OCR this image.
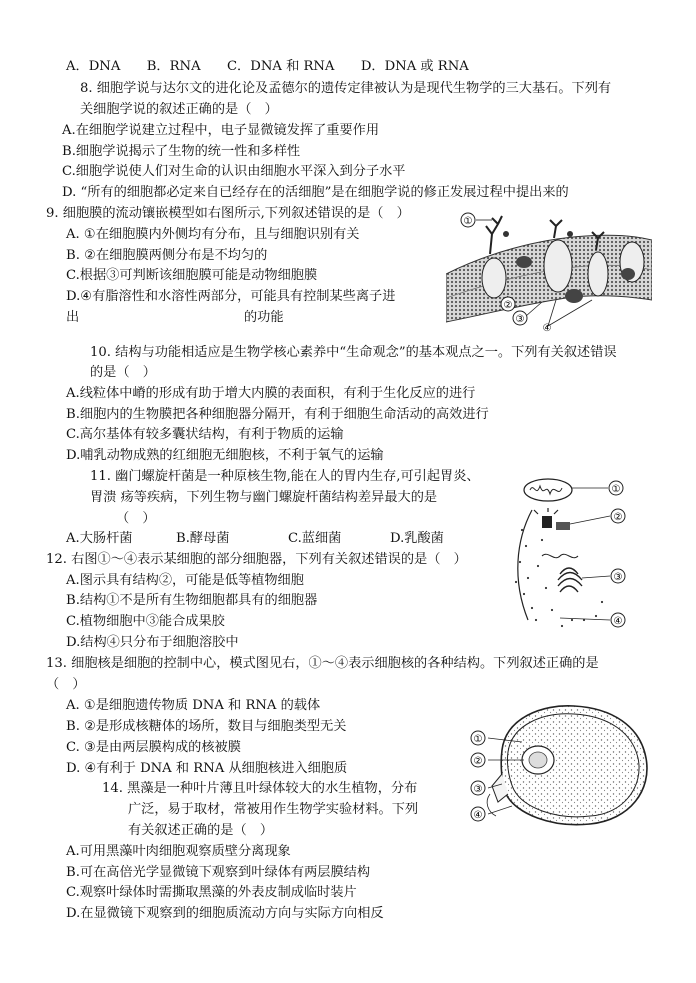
A．DNA　　B．RNA　　C．DNA 和 RNA　　D．DNA 或 RNA
8. 细胞学说与达尔文的进化论及孟德尔的遗传定律被认为是现代生物学的三大基石。下列有
关细胞学说的叙述正确的是（　）
A.在细胞学说建立过程中，电子显微镜发挥了重要作用
B.细胞学说揭示了生物的统一性和多样性
C.细胞学说使人们对生命的认识由细胞水平深入到分子水平
D. “所有的细胞都必定来自已经存在的活细胞”是在细胞学说的修正发展过程中提出来的
9. 细胞膜的流动镶嵌模型如右图所示,下列叙述错误的是（　）
A. ①在细胞膜内外侧均有分布，且与细胞识别有关
B. ②在细胞膜两侧分布是不均匀的
C.根据③可判断该细胞膜可能是动物细胞膜
D.④有脂溶性和水溶性两部分，可能具有控制某些离子进
出	的功能
①
②
③
④
10. 结构与功能相适应是生物学核心素养中“生命观念”的基本观点之一。下列有关叙述错误
的是（　）
A.线粒体中嵴的形成有助于增大内膜的表面积，有利于生化反应的进行
B.细胞内的生物膜把各种细胞器分隔开，有利于细胞生命活动的高效进行
C.高尔基体有较多囊状结构，有利于物质的运输
D.哺乳动物成熟的红细胞无细胞核，不利于氧气的运输
11. 幽门螺旋杆菌是一种原核生物,能在人的胃内生存,可引起胃炎、
胃溃 疡等疾病，下列生物与幽门螺旋杆菌结构差异最大的是
（　）
A.大肠杆菌	B.酵母菌	C.蓝细菌	D.乳酸菌
12. 右图①～④表示某细胞的部分细胞器，下列有关叙述错误的是（　）
A.图示具有结构②，可能是低等植物细胞
B.结构①不是所有生物细胞都具有的细胞器
C.植物细胞中③能合成果胶
D.结构④只分布于细胞溶胶中
①
②
③
④
13. 细胞核是细胞的控制中心，模式图见右，①～④表示细胞核的各种结构。下列叙述正确的是
（　）
A. ①是细胞遗传物质 DNA 和 RNA 的载体
B. ②是形成核糖体的场所，数目与细胞类型无关
C. ③是由两层膜构成的核被膜
D. ④有利于 DNA 和 RNA 从细胞核进入细胞质
①
②
③
④
14. 黑藻是一种叶片薄且叶绿体较大的水生植物，分布
广泛，易于取材，常被用作生物学实验材料。下列
有关叙述正确的是（　）
A.可用黑藻叶肉细胞观察质壁分离现象
B.可在高倍光学显微镜下观察到叶绿体有两层膜结构
C.观察叶绿体时需撕取黑藻的外表皮制成临时装片
D.在显微镜下观察到的细胞质流动方向与实际方向相反
